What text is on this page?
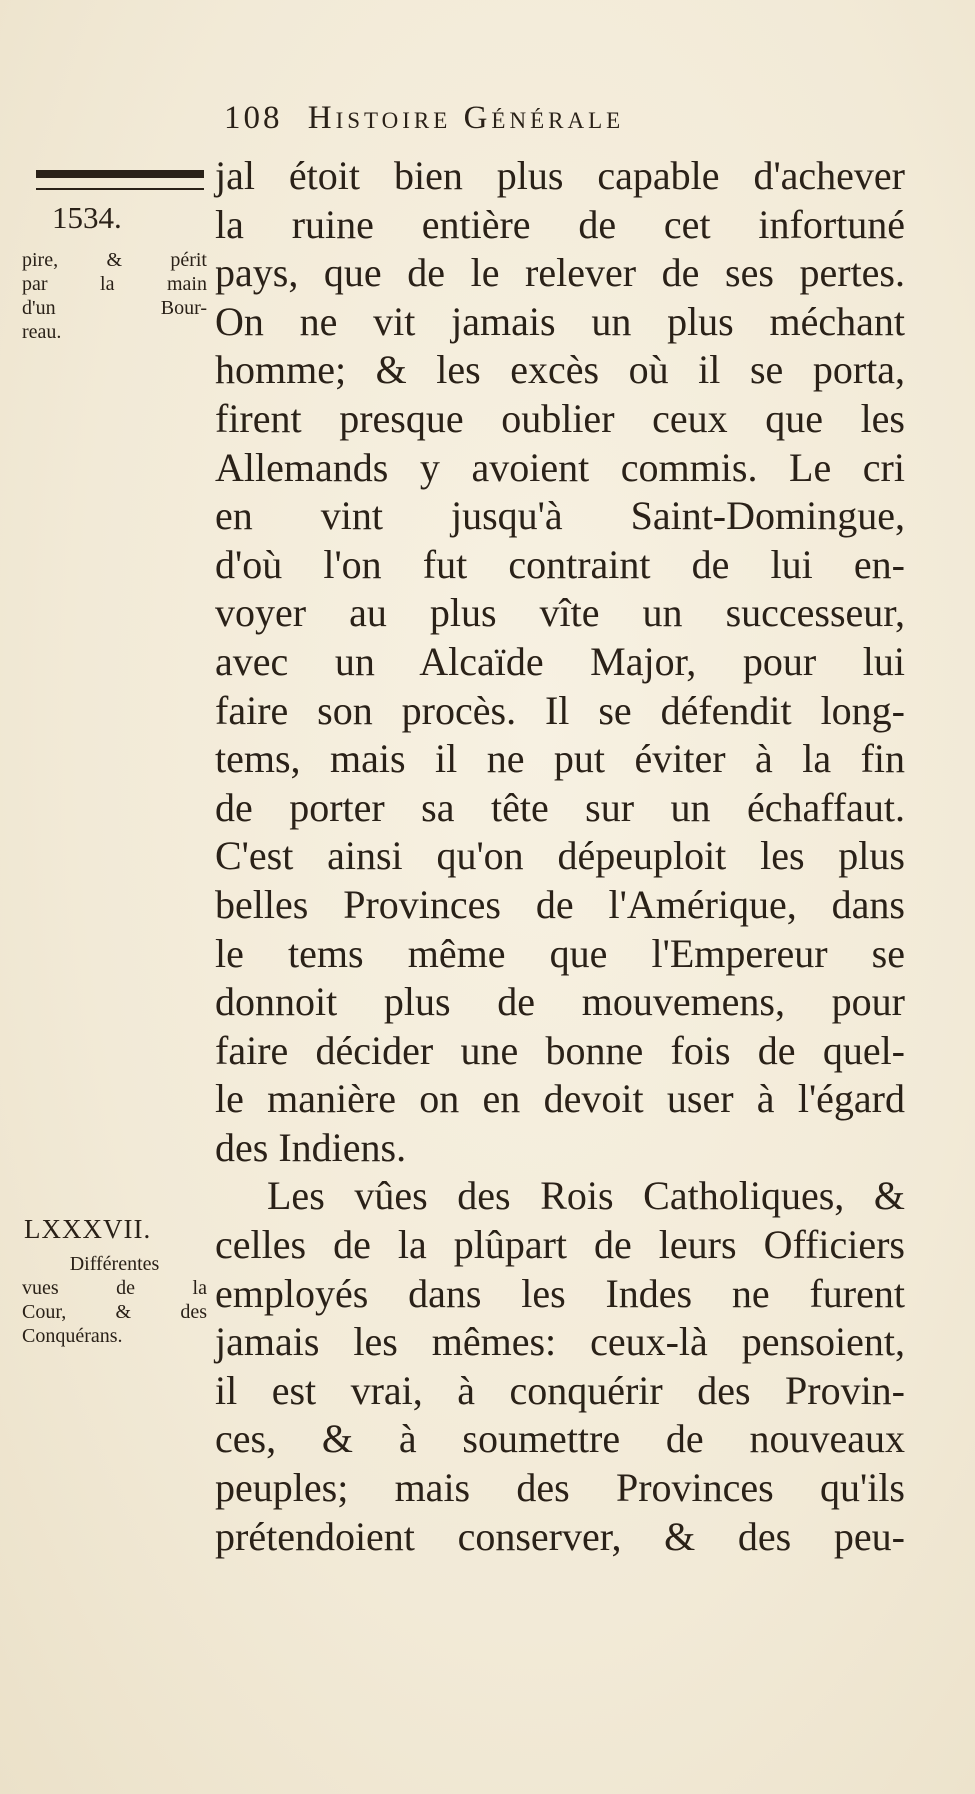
108 Histoire Générale
1534.
pire, & périt
par la main
d'un Bour-
reau.
LXXXVII.
Différentes
vues de la
Cour, & des
Conquérans.
jal étoit bien plus capable d'achever
la ruine entière de cet infortuné
pays, que de le relever de ses pertes.
On ne vit jamais un plus méchant
homme; & les excès où il se porta,
firent presque oublier ceux que les
Allemands y avoient commis. Le cri
en vint jusqu'à Saint-Domingue,
d'où l'on fut contraint de lui en-
voyer au plus vîte un successeur,
avec un Alcaïde Major, pour lui
faire son procès. Il se défendit long-
tems, mais il ne put éviter à la fin
de porter sa tête sur un échaffaut.
C'est ainsi qu'on dépeuploit les plus
belles Provinces de l'Amérique, dans
le tems même que l'Empereur se
donnoit plus de mouvemens, pour
faire décider une bonne fois de quel-
le manière on en devoit user à l'égard
des Indiens.
Les vûes des Rois Catholiques, &
celles de la plûpart de leurs Officiers
employés dans les Indes ne furent
jamais les mêmes: ceux-là pensoient,
il est vrai, à conquérir des Provin-
ces, & à soumettre de nouveaux
peuples; mais des Provinces qu'ils
prétendoient conserver, & des peu-
